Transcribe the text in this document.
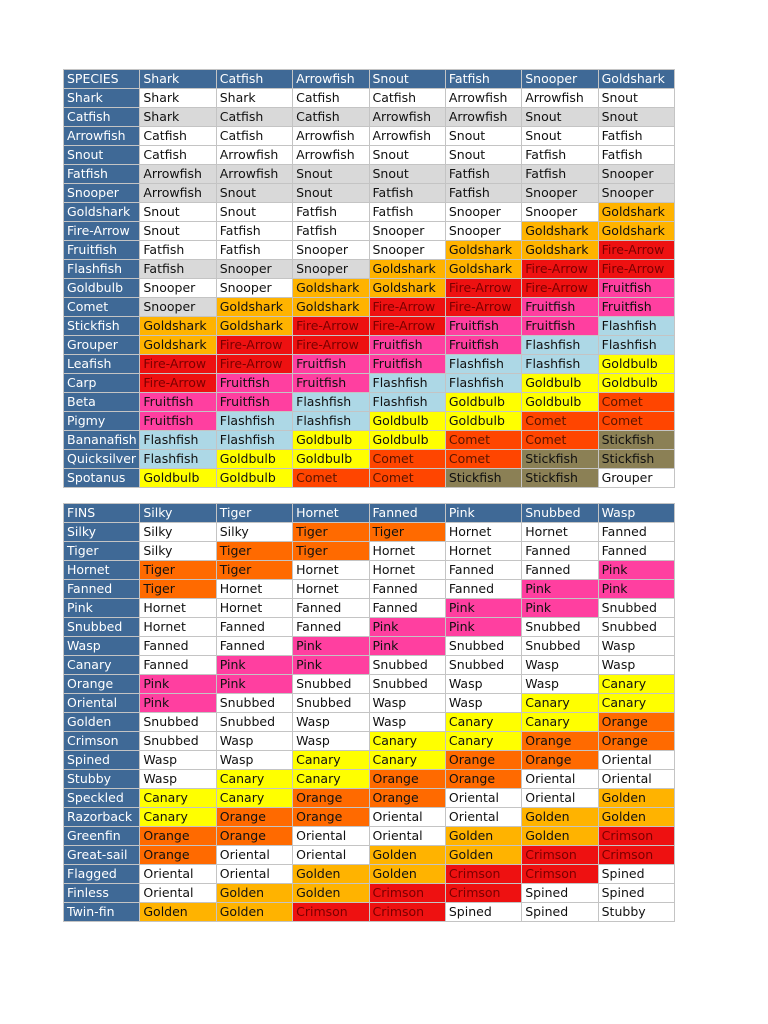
SPECIES	Shark	Catfish	Arrowfish	Snout	Fatfish	Snooper	Goldshark
Shark	Shark	Shark	Catfish	Catfish	Arrowfish	Arrowfish	Snout
Catfish	Shark	Catfish	Catfish	Arrowfish	Arrowfish	Snout	Snout
Arrowfish	Catfish	Catfish	Arrowfish	Arrowfish	Snout	Snout	Fatfish
Snout	Catfish	Arrowfish	Arrowfish	Snout	Snout	Fatfish	Fatfish
Fatfish	Arrowfish	Arrowfish	Snout	Snout	Fatfish	Fatfish	Snooper
Snooper	Arrowfish	Snout	Snout	Fatfish	Fatfish	Snooper	Snooper
Goldshark	Snout	Snout	Fatfish	Fatfish	Snooper	Snooper	Goldshark
Fire-Arrow	Snout	Fatfish	Fatfish	Snooper	Snooper	Goldshark	Goldshark
Fruitfish	Fatfish	Fatfish	Snooper	Snooper	Goldshark	Goldshark	Fire-Arrow
Flashfish	Fatfish	Snooper	Snooper	Goldshark	Goldshark	Fire-Arrow	Fire-Arrow
Goldbulb	Snooper	Snooper	Goldshark	Goldshark	Fire-Arrow	Fire-Arrow	Fruitfish
Comet	Snooper	Goldshark	Goldshark	Fire-Arrow	Fire-Arrow	Fruitfish	Fruitfish
Stickfish	Goldshark	Goldshark	Fire-Arrow	Fire-Arrow	Fruitfish	Fruitfish	Flashfish
Grouper	Goldshark	Fire-Arrow	Fire-Arrow	Fruitfish	Fruitfish	Flashfish	Flashfish
Leafish	Fire-Arrow	Fire-Arrow	Fruitfish	Fruitfish	Flashfish	Flashfish	Goldbulb
Carp	Fire-Arrow	Fruitfish	Fruitfish	Flashfish	Flashfish	Goldbulb	Goldbulb
Beta	Fruitfish	Fruitfish	Flashfish	Flashfish	Goldbulb	Goldbulb	Comet
Pigmy	Fruitfish	Flashfish	Flashfish	Goldbulb	Goldbulb	Comet	Comet
Bananafish	Flashfish	Flashfish	Goldbulb	Goldbulb	Comet	Comet	Stickfish
Quicksilver	Flashfish	Goldbulb	Goldbulb	Comet	Comet	Stickfish	Stickfish
Spotanus	Goldbulb	Goldbulb	Comet	Comet	Stickfish	Stickfish	Grouper
FINS	Silky	Tiger	Hornet	Fanned	Pink	Snubbed	Wasp
Silky	Silky	Silky	Tiger	Tiger	Hornet	Hornet	Fanned
Tiger	Silky	Tiger	Tiger	Hornet	Hornet	Fanned	Fanned
Hornet	Tiger	Tiger	Hornet	Hornet	Fanned	Fanned	Pink
Fanned	Tiger	Hornet	Hornet	Fanned	Fanned	Pink	Pink
Pink	Hornet	Hornet	Fanned	Fanned	Pink	Pink	Snubbed
Snubbed	Hornet	Fanned	Fanned	Pink	Pink	Snubbed	Snubbed
Wasp	Fanned	Fanned	Pink	Pink	Snubbed	Snubbed	Wasp
Canary	Fanned	Pink	Pink	Snubbed	Snubbed	Wasp	Wasp
Orange	Pink	Pink	Snubbed	Snubbed	Wasp	Wasp	Canary
Oriental	Pink	Snubbed	Snubbed	Wasp	Wasp	Canary	Canary
Golden	Snubbed	Snubbed	Wasp	Wasp	Canary	Canary	Orange
Crimson	Snubbed	Wasp	Wasp	Canary	Canary	Orange	Orange
Spined	Wasp	Wasp	Canary	Canary	Orange	Orange	Oriental
Stubby	Wasp	Canary	Canary	Orange	Orange	Oriental	Oriental
Speckled	Canary	Canary	Orange	Orange	Oriental	Oriental	Golden
Razorback	Canary	Orange	Orange	Oriental	Oriental	Golden	Golden
Greenfin	Orange	Orange	Oriental	Oriental	Golden	Golden	Crimson
Great-sail	Orange	Oriental	Oriental	Golden	Golden	Crimson	Crimson
Flagged	Oriental	Oriental	Golden	Golden	Crimson	Crimson	Spined
Finless	Oriental	Golden	Golden	Crimson	Crimson	Spined	Spined
Twin-fin	Golden	Golden	Crimson	Crimson	Spined	Spined	Stubby
